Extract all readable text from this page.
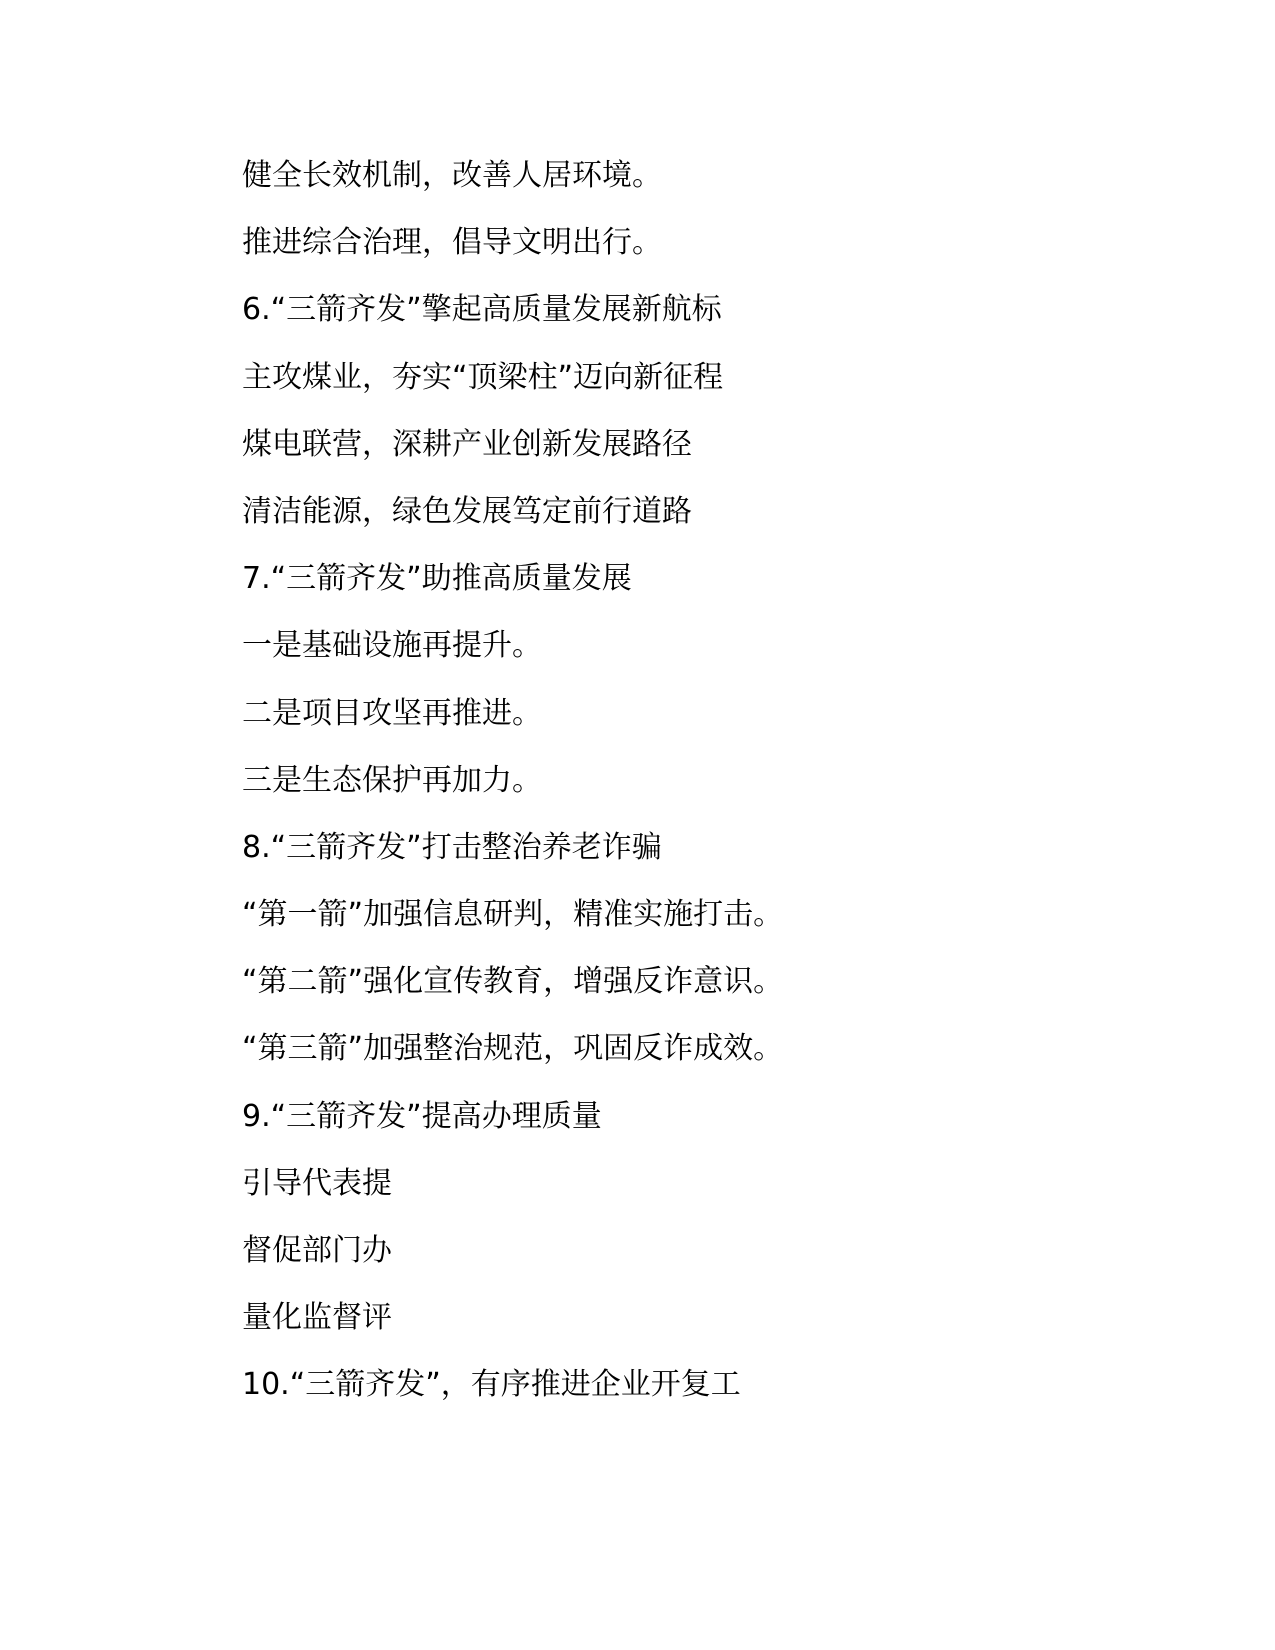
健全长效机制，改善人居环境。
推进综合治理，倡导文明出行。
6.“三箭齐发”擎起高质量发展新航标
主攻煤业，夯实“顶梁柱”迈向新征程
煤电联营，深耕产业创新发展路径
清洁能源，绿色发展笃定前行道路
7.“三箭齐发”助推高质量发展
一是基础设施再提升。
二是项目攻坚再推进。
三是生态保护再加力。
8.“三箭齐发”打击整治养老诈骗
“第一箭”加强信息研判，精准实施打击。
“第二箭”强化宣传教育，增强反诈意识。
“第三箭”加强整治规范，巩固反诈成效。
9.“三箭齐发”提高办理质量
引导代表提
督促部门办
量化监督评
10.“三箭齐发”，有序推进企业开复工
